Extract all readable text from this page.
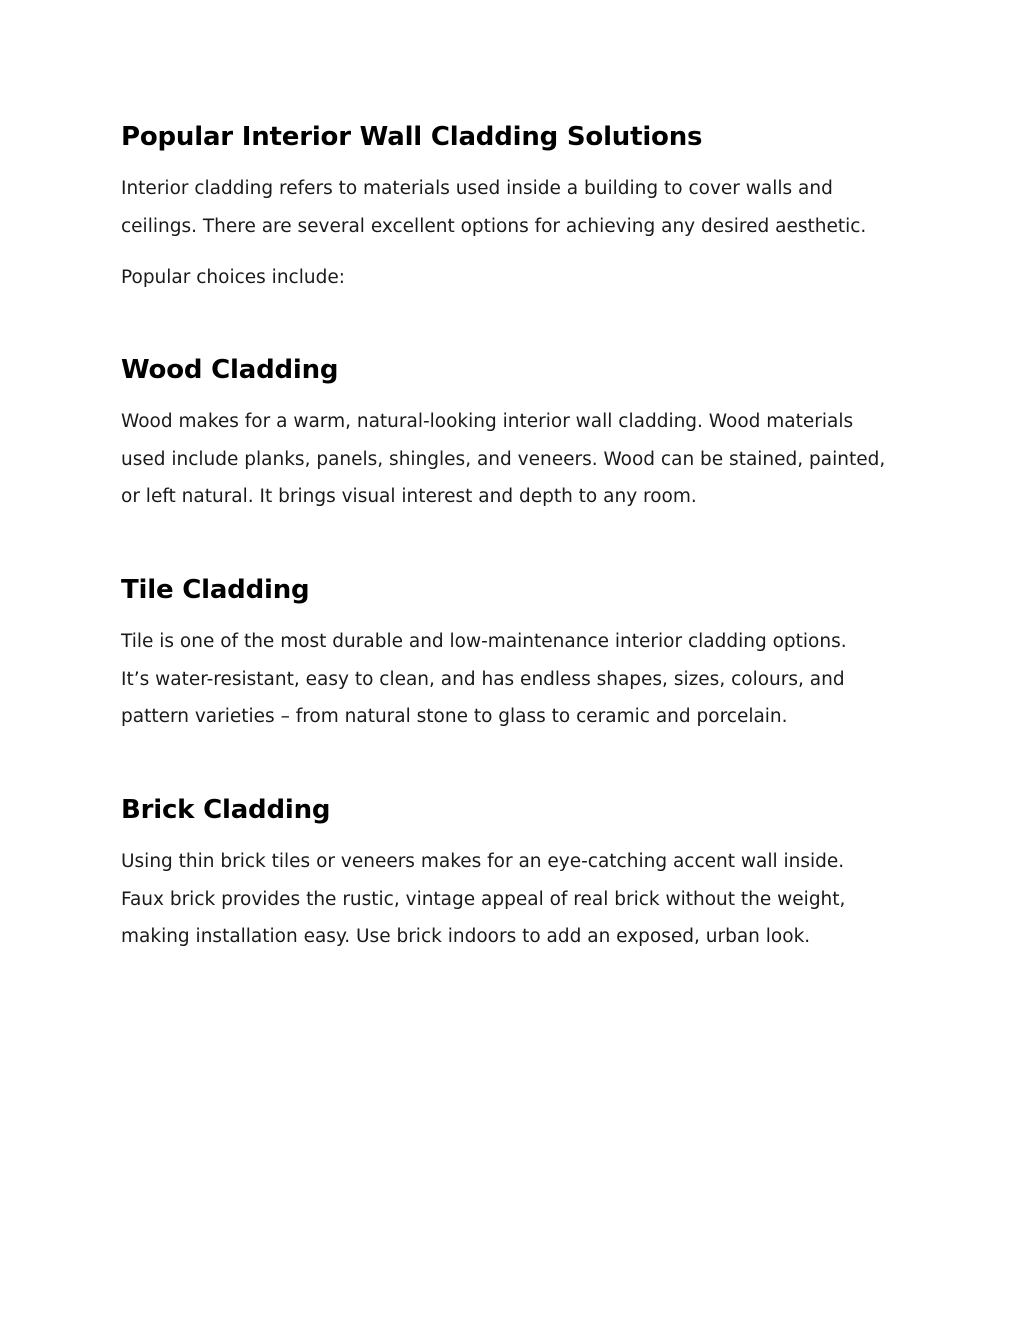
Popular Interior Wall Cladding Solutions

Interior cladding refers to materials used inside a building to cover walls and
ceilings. There are several excellent options for achieving any desired aesthetic.

Popular choices include:

Wood Cladding

Wood makes for a warm, natural-looking interior wall cladding. Wood materials
used include planks, panels, shingles, and veneers. Wood can be stained, painted,
or left natural. It brings visual interest and depth to any room.

Tile Cladding

Tile is one of the most durable and low-maintenance interior cladding options.
It’s water-resistant, easy to clean, and has endless shapes, sizes, colours, and
pattern varieties – from natural stone to glass to ceramic and porcelain.

Brick Cladding

Using thin brick tiles or veneers makes for an eye-catching accent wall inside.
Faux brick provides the rustic, vintage appeal of real brick without the weight,
making installation easy. Use brick indoors to add an exposed, urban look.
